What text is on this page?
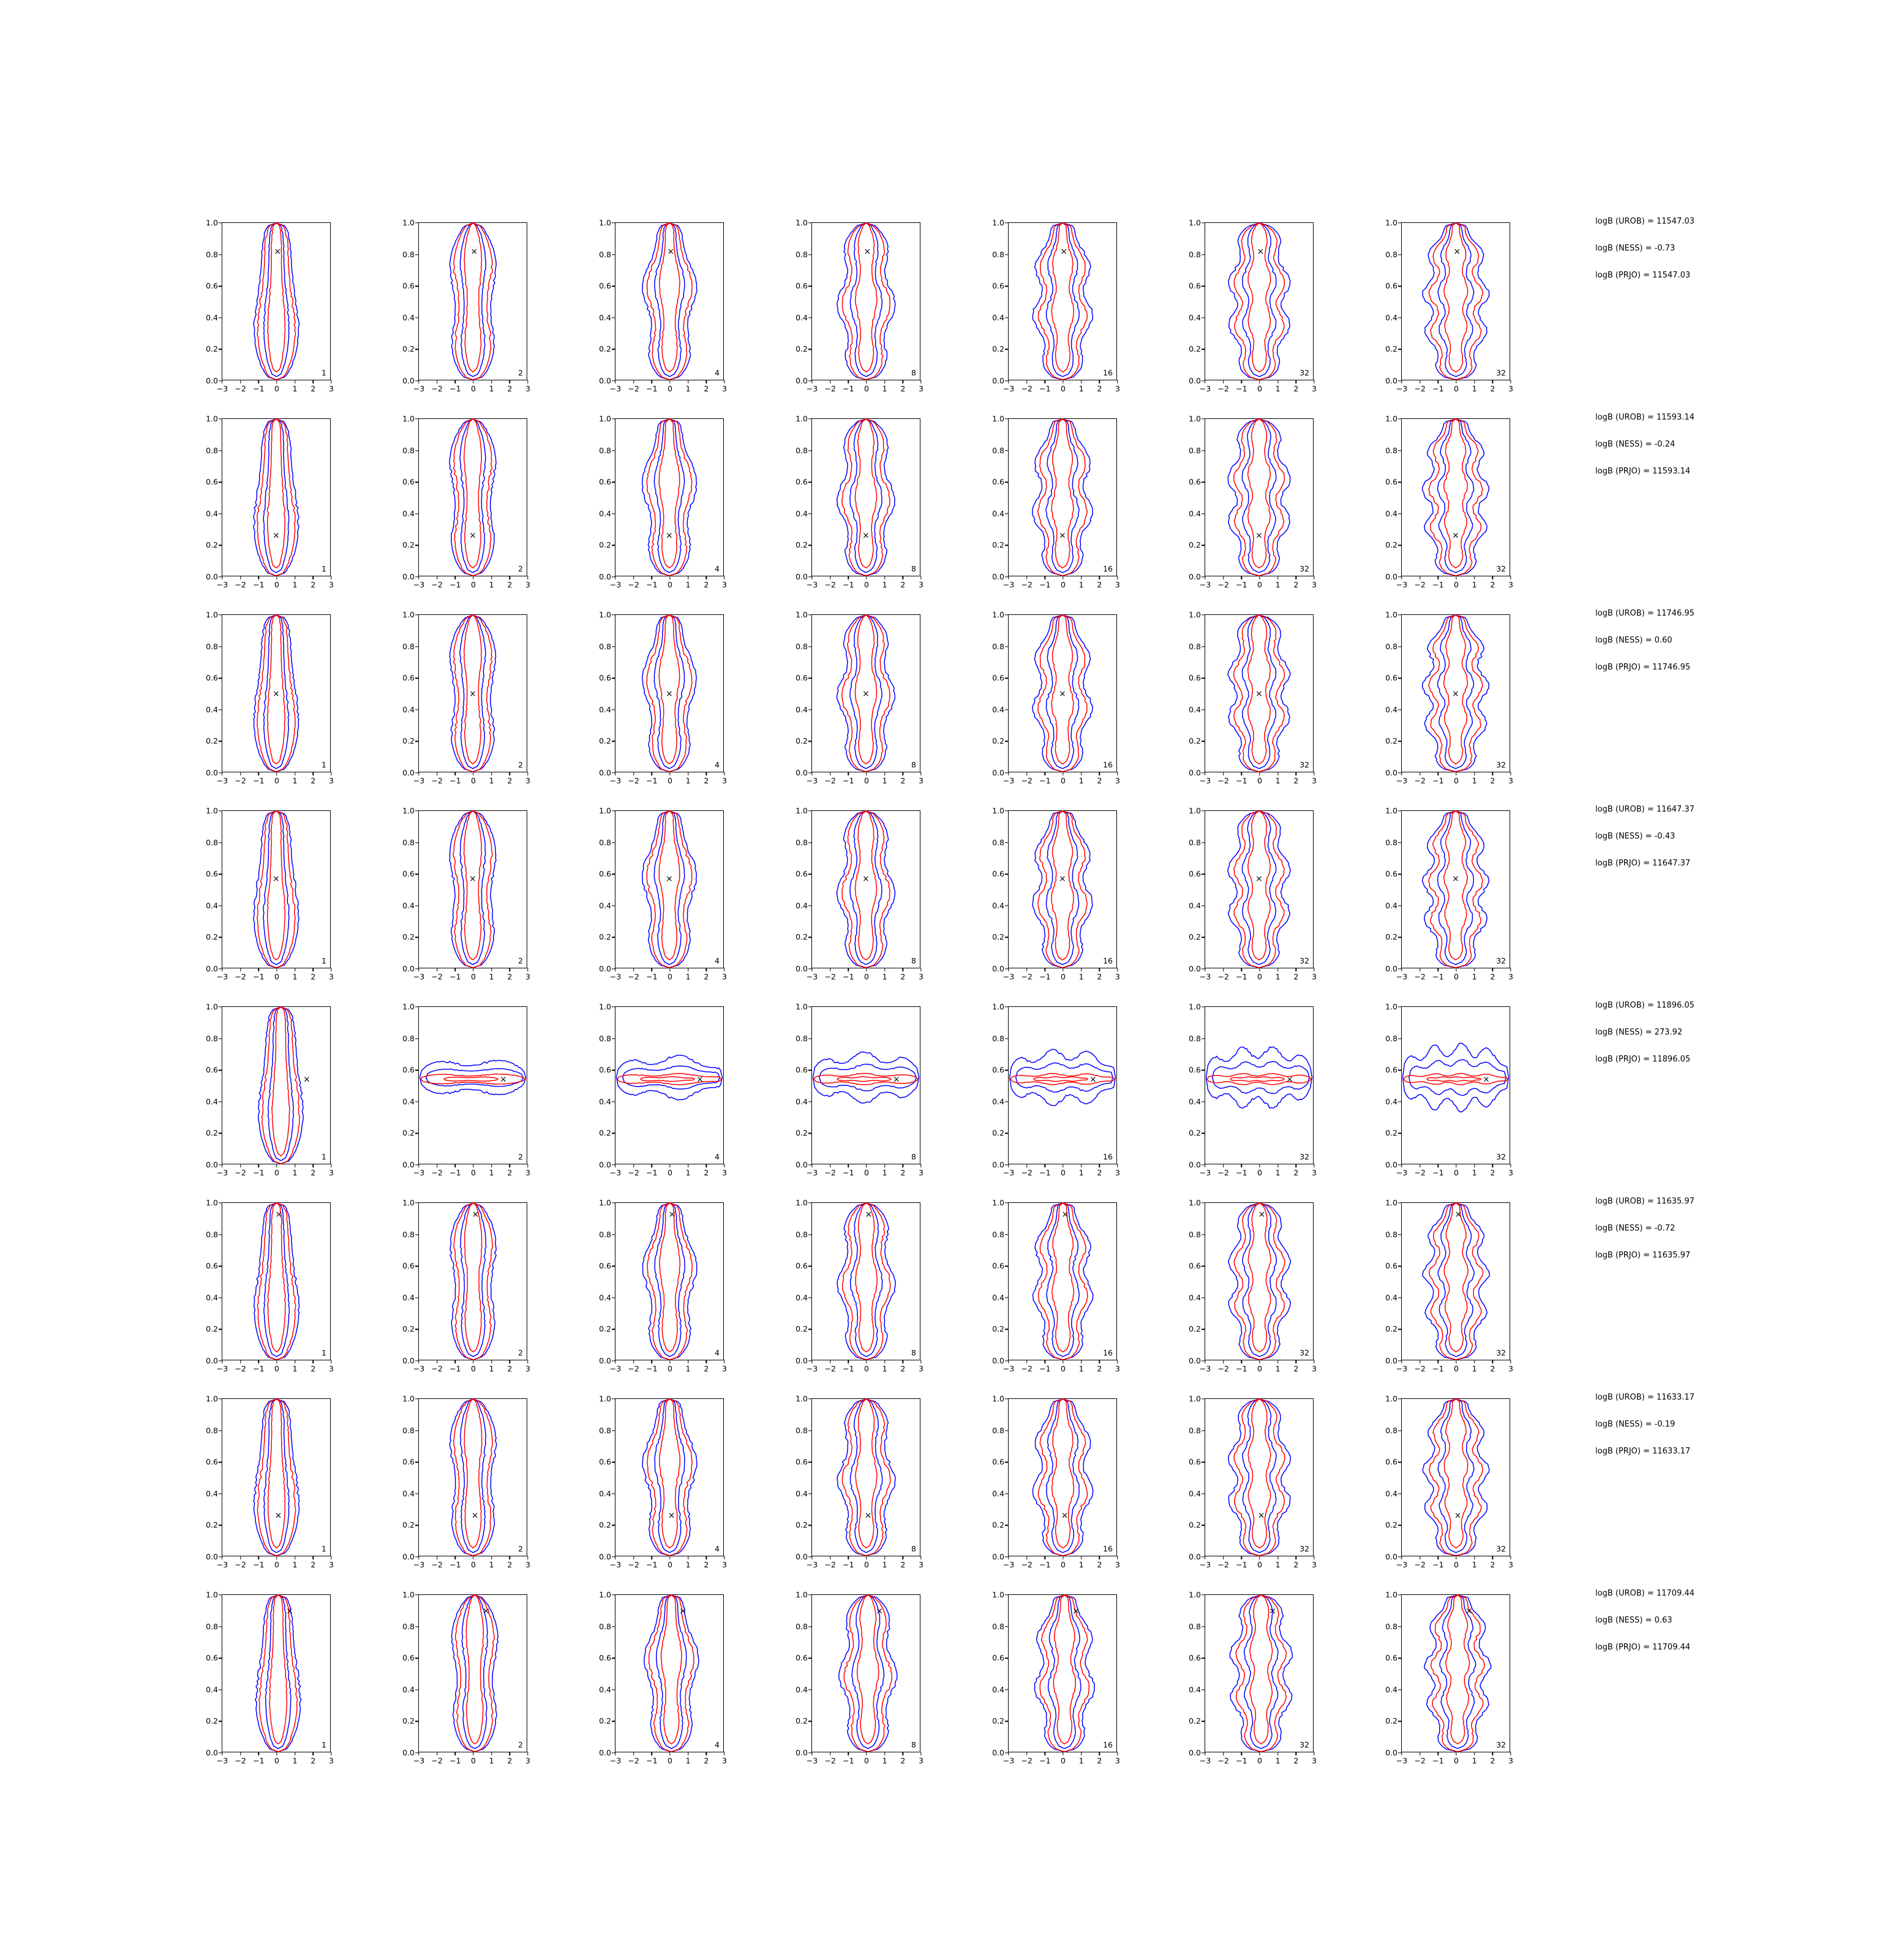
0.0
0.2
0.4
0.6
0.8
1.0
−3 −2 −1 0 1 2 3
×
1
0.0
0.2
0.4
0.6
0.8
1.0
−3 −2 −1 0 1 2 3
×
2
0.0
0.2
0.4
0.6
0.8
1.0
−3 −2 −1 0 1 2 3
×
4
0.0
0.2
0.4
0.6
0.8
1.0
−3 −2 −1 0 1 2 3
×
8
0.0
0.2
0.4
0.6
0.8
1.0
−3 −2 −1 0 1 2 3
×
16
0.0
0.2
0.4
0.6
0.8
1.0
−3 −2 −1 0 1 2 3
×
32
0.0
0.2
0.4
0.6
0.8
1.0
−3 −2 −1 0 1 2 3
×
32
logB (UROB) = 11547.03
logB (NESS) = -0.73
logB (PRJO) = 11547.03
0.0
0.2
0.4
0.6
0.8
1.0
−3 −2 −1 0 1 2 3
×
1
0.0
0.2
0.4
0.6
0.8
1.0
−3 −2 −1 0 1 2 3
×
2
0.0
0.2
0.4
0.6
0.8
1.0
−3 −2 −1 0 1 2 3
×
4
0.0
0.2
0.4
0.6
0.8
1.0
−3 −2 −1 0 1 2 3
×
8
0.0
0.2
0.4
0.6
0.8
1.0
−3 −2 −1 0 1 2 3
×
16
0.0
0.2
0.4
0.6
0.8
1.0
−3 −2 −1 0 1 2 3
×
32
0.0
0.2
0.4
0.6
0.8
1.0
−3 −2 −1 0 1 2 3
×
32
logB (UROB) = 11593.14
logB (NESS) = -0.24
logB (PRJO) = 11593.14
0.0
0.2
0.4
0.6
0.8
1.0
−3 −2 −1 0 1 2 3
×
1
0.0
0.2
0.4
0.6
0.8
1.0
−3 −2 −1 0 1 2 3
×
2
0.0
0.2
0.4
0.6
0.8
1.0
−3 −2 −1 0 1 2 3
×
4
0.0
0.2
0.4
0.6
0.8
1.0
−3 −2 −1 0 1 2 3
×
8
0.0
0.2
0.4
0.6
0.8
1.0
−3 −2 −1 0 1 2 3
×
16
0.0
0.2
0.4
0.6
0.8
1.0
−3 −2 −1 0 1 2 3
×
32
0.0
0.2
0.4
0.6
0.8
1.0
−3 −2 −1 0 1 2 3
×
32
logB (UROB) = 11746.95
logB (NESS) = 0.60
logB (PRJO) = 11746.95
0.0
0.2
0.4
0.6
0.8
1.0
−3 −2 −1 0 1 2 3
×
1
0.0
0.2
0.4
0.6
0.8
1.0
−3 −2 −1 0 1 2 3
×
2
0.0
0.2
0.4
0.6
0.8
1.0
−3 −2 −1 0 1 2 3
×
4
0.0
0.2
0.4
0.6
0.8
1.0
−3 −2 −1 0 1 2 3
×
8
0.0
0.2
0.4
0.6
0.8
1.0
−3 −2 −1 0 1 2 3
×
16
0.0
0.2
0.4
0.6
0.8
1.0
−3 −2 −1 0 1 2 3
×
32
0.0
0.2
0.4
0.6
0.8
1.0
−3 −2 −1 0 1 2 3
×
32
logB (UROB) = 11647.37
logB (NESS) = -0.43
logB (PRJO) = 11647.37
0.0
0.2
0.4
0.6
0.8
1.0
−3 −2 −1 0 1 2 3
×
1
0.0
0.2
0.4
0.6
0.8
1.0
−3 −2 −1 0 1 2 3
×
2
0.0
0.2
0.4
0.6
0.8
1.0
−3 −2 −1 0 1 2 3
×
4
0.0
0.2
0.4
0.6
0.8
1.0
−3 −2 −1 0 1 2 3
×
8
0.0
0.2
0.4
0.6
0.8
1.0
−3 −2 −1 0 1 2 3
×
16
0.0
0.2
0.4
0.6
0.8
1.0
−3 −2 −1 0 1 2 3
×
32
0.0
0.2
0.4
0.6
0.8
1.0
−3 −2 −1 0 1 2 3
×
32
logB (UROB) = 11896.05
logB (NESS) = 273.92
logB (PRJO) = 11896.05
0.0
0.2
0.4
0.6
0.8
1.0
−3 −2 −1 0 1 2 3
×
1
0.0
0.2
0.4
0.6
0.8
1.0
−3 −2 −1 0 1 2 3
×
2
0.0
0.2
0.4
0.6
0.8
1.0
−3 −2 −1 0 1 2 3
×
4
0.0
0.2
0.4
0.6
0.8
1.0
−3 −2 −1 0 1 2 3
×
8
0.0
0.2
0.4
0.6
0.8
1.0
−3 −2 −1 0 1 2 3
×
16
0.0
0.2
0.4
0.6
0.8
1.0
−3 −2 −1 0 1 2 3
×
32
0.0
0.2
0.4
0.6
0.8
1.0
−3 −2 −1 0 1 2 3
×
32
logB (UROB) = 11635.97
logB (NESS) = -0.72
logB (PRJO) = 11635.97
0.0
0.2
0.4
0.6
0.8
1.0
−3 −2 −1 0 1 2 3
×
1
0.0
0.2
0.4
0.6
0.8
1.0
−3 −2 −1 0 1 2 3
×
2
0.0
0.2
0.4
0.6
0.8
1.0
−3 −2 −1 0 1 2 3
×
4
0.0
0.2
0.4
0.6
0.8
1.0
−3 −2 −1 0 1 2 3
×
8
0.0
0.2
0.4
0.6
0.8
1.0
−3 −2 −1 0 1 2 3
×
16
0.0
0.2
0.4
0.6
0.8
1.0
−3 −2 −1 0 1 2 3
×
32
0.0
0.2
0.4
0.6
0.8
1.0
−3 −2 −1 0 1 2 3
×
32
logB (UROB) = 11633.17
logB (NESS) = -0.19
logB (PRJO) = 11633.17
0.0
0.2
0.4
0.6
0.8
1.0
−3 −2 −1 0 1 2 3
×
1
0.0
0.2
0.4
0.6
0.8
1.0
−3 −2 −1 0 1 2 3
×
2
0.0
0.2
0.4
0.6
0.8
1.0
−3 −2 −1 0 1 2 3
×
4
0.0
0.2
0.4
0.6
0.8
1.0
−3 −2 −1 0 1 2 3
×
8
0.0
0.2
0.4
0.6
0.8
1.0
−3 −2 −1 0 1 2 3
×
16
0.0
0.2
0.4
0.6
0.8
1.0
−3 −2 −1 0 1 2 3
×
32
0.0
0.2
0.4
0.6
0.8
1.0
−3 −2 −1 0 1 2 3
×
32
logB (UROB) = 11709.44
logB (NESS) = 0.63
logB (PRJO) = 11709.44
